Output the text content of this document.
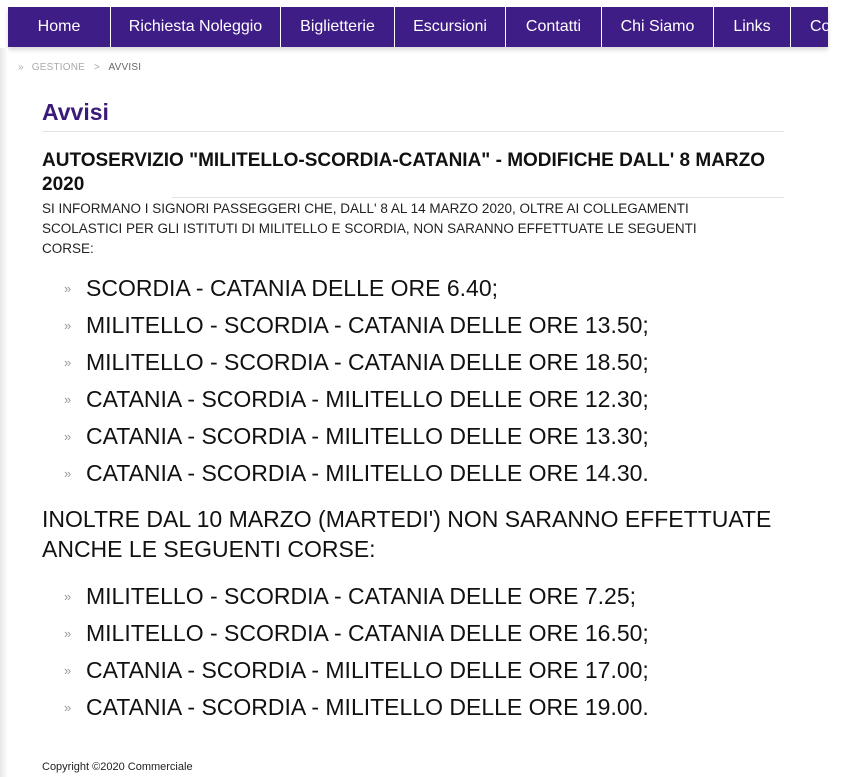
Home	Richiesta Noleggio	Biglietterie	Escursioni	Contatti	Chi Siamo	Links	Co
» GESTIONE > AVVISI
Avvisi
AUTOSERVIZIO "MILITELLO-SCORDIA-CATANIA" - MODIFICHE DALL' 8 MARZO 2020
SI INFORMANO I SIGNORI PASSEGGERI CHE, DALL' 8 AL 14 MARZO 2020, OLTRE AI COLLEGAMENTI SCOLASTICI PER GLI ISTITUTI DI MILITELLO E SCORDIA, NON SARANNO EFFETTUATE LE SEGUENTI CORSE:
» SCORDIA - CATANIA DELLE ORE 6.40;
» MILITELLO - SCORDIA - CATANIA DELLE ORE 13.50;
» MILITELLO - SCORDIA - CATANIA DELLE ORE 18.50;
» CATANIA - SCORDIA - MILITELLO DELLE ORE 12.30;
» CATANIA - SCORDIA - MILITELLO DELLE ORE 13.30;
» CATANIA - SCORDIA - MILITELLO DELLE ORE 14.30.
INOLTRE DAL 10 MARZO (MARTEDI') NON SARANNO EFFETTUATE ANCHE LE SEGUENTI CORSE:
» MILITELLO - SCORDIA - CATANIA DELLE ORE 7.25;
» MILITELLO - SCORDIA - CATANIA DELLE ORE 16.50;
» CATANIA - SCORDIA - MILITELLO DELLE ORE 17.00;
» CATANIA - SCORDIA - MILITELLO DELLE ORE 19.00.
Copyright ©2020 Commerciale
